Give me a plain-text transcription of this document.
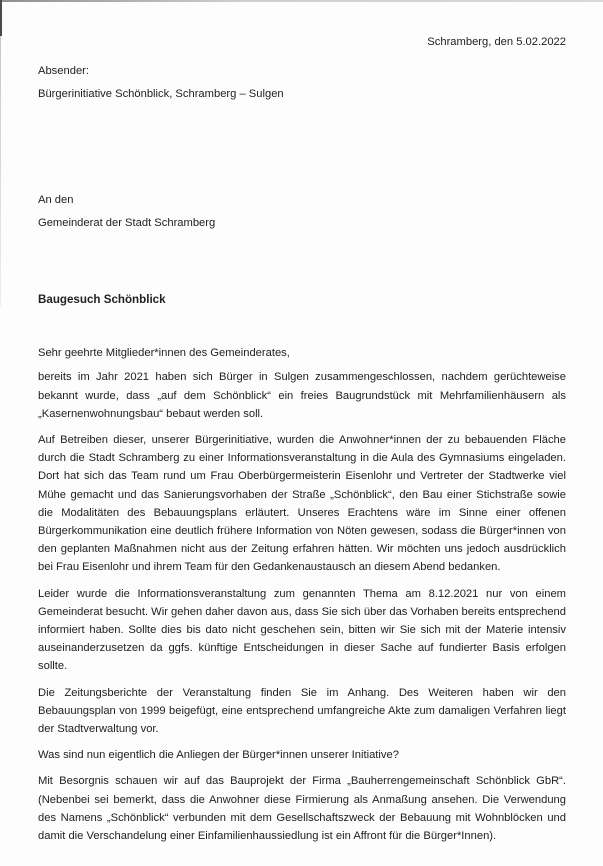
Schramberg, den 5.02.2022
Absender:
Bürgerinitiative Schönblick, Schramberg – Sulgen
An den
Gemeinderat der Stadt Schramberg
Baugesuch Schönblick
Sehr geehrte Mitglieder*innen des Gemeinderates,

bereits im Jahr 2021 haben sich Bürger in Sulgen zusammengeschlossen, nachdem gerüchteweise bekannt wurde, dass „auf dem Schönblick“ ein freies Baugrundstück mit Mehrfamilienhäusern als „Kasernenwohnungsbau“ bebaut werden soll.

Auf Betreiben dieser, unserer Bürgerinitiative, wurden die Anwohner*innen der zu bebauenden Fläche durch die Stadt Schramberg zu einer Informationsveranstaltung in die Aula des Gymnasiums eingeladen. Dort hat sich das Team rund um Frau Oberbürgermeisterin Eisenlohr und Vertreter der Stadtwerke viel Mühe gemacht und das Sanierungsvorhaben der Straße „Schönblick“, den Bau einer Stichstraße sowie die Modalitäten des Bebauungsplans erläutert. Unseres Erachtens wäre im Sinne einer offenen Bürgerkommunikation eine deutlich frühere Information von Nöten gewesen, sodass die Bürger*innen von den geplanten Maßnahmen nicht aus der Zeitung erfahren hätten. Wir möchten uns jedoch ausdrücklich bei Frau Eisenlohr und ihrem Team für den Gedankenaustausch an diesem Abend bedanken.

Leider wurde die Informationsveranstaltung zum genannten Thema am 8.12.2021 nur von einem Gemeinderat besucht. Wir gehen daher davon aus, dass Sie sich über das Vorhaben bereits entsprechend informiert haben. Sollte dies bis dato nicht geschehen sein, bitten wir Sie sich mit der Materie intensiv auseinanderzusetzen da ggfs. künftige Entscheidungen in dieser Sache auf fundierter Basis erfolgen sollte.

Die Zeitungsberichte der Veranstaltung finden Sie im Anhang. Des Weiteren haben wir den Bebauungsplan von 1999 beigefügt, eine entsprechend umfangreiche Akte zum damaligen Verfahren liegt der Stadtverwaltung vor.

Was sind nun eigentlich die Anliegen der Bürger*innen unserer Initiative?

Mit Besorgnis schauen wir auf das Bauprojekt der Firma „Bauherrengemeinschaft Schönblick GbR“. (Nebenbei sei bemerkt, dass die Anwohner diese Firmierung als Anmaßung ansehen. Die Verwendung des Namens „Schönblick“ verbunden mit dem Gesellschaftszweck der Bebauung mit Wohnblöcken und damit die Verschandelung einer Einfamilienhaussiedlung ist ein Affront für die Bürger*Innen).
